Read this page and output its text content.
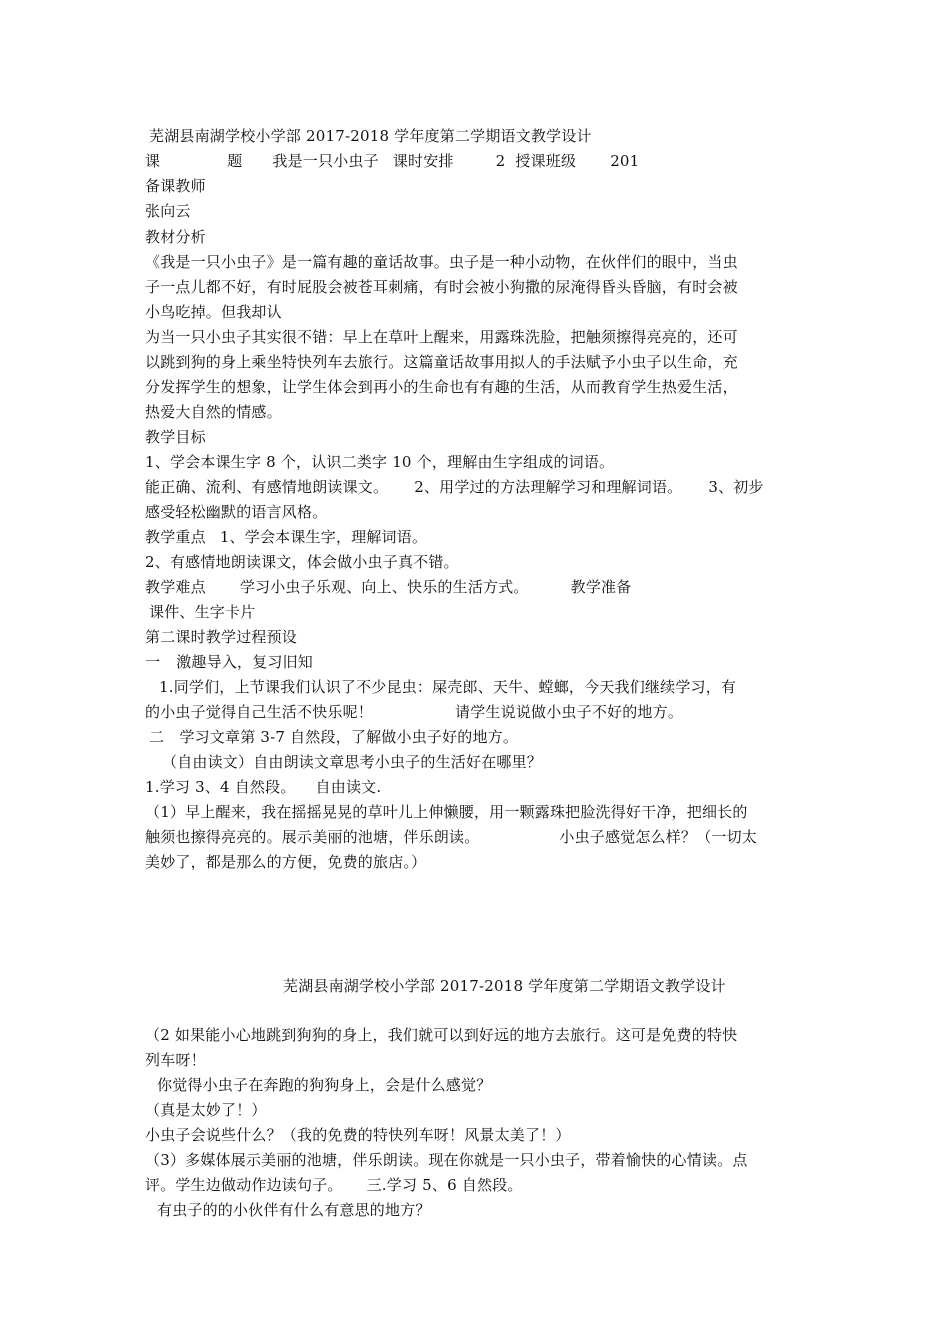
芜湖县南湖学校小学部 2017-2018 学年度第二学期语文教学设计
课	题 我是一只小虫子 课时安排	2 授课班级 201
备课教师
张向云
教材分析
《我是一只小虫子》是一篇有趣的童话故事。虫子是一种小动物，在伙伴们的眼中，当虫
子一点儿都不好，有时屁股会被苍耳刺痛，有时会被小狗撒的尿淹得昏头昏脑，有时会被
小鸟吃掉。但我却认
为当一只小虫子其实很不错：早上在草叶上醒来，用露珠洗脸，把触须擦得亮亮的，还可
以跳到狗的身上乘坐特快列车去旅行。这篇童话故事用拟人的手法赋予小虫子以生命，充
分发挥学生的想象，让学生体会到再小的生命也有有趣的生活，从而教育学生热爱生活，
热爱大自然的情感。
教学目标
1、学会本课生字 8 个，认识二类字 10 个，理解由生字组成的词语。
能正确、流利、有感情地朗读课文。 2、用学过的方法理解学习和理解词语。 3、初步
感受轻松幽默的语言风格。
教学重点 1、学会本课生字，理解词语。
2、有感情地朗读课文，体会做小虫子真不错。
教学难点 学习小虫子乐观、向上、快乐的生活方式。	教学准备
课件、生字卡片
第二课时教学过程预设
一 激趣导入，复习旧知
1.同学们，上节课我们认识了不少昆虫：屎壳郎、天牛、螳螂，今天我们继续学习，有
的小虫子觉得自己生活不快乐呢！	请学生说说做小虫子不好的地方。
二　学习文章第 3-7 自然段，了解做小虫子好的地方。
（自由读文）自由朗读文章思考小虫子的生活好在哪里？
1.学习 3、4 自然段。 自由读文.
（1）早上醒来，我在摇摇晃晃的草叶儿上伸懒腰，用一颗露珠把脸洗得好干净，把细长的
触须也擦得亮亮的。展示美丽的池塘，伴乐朗读。	小虫子感觉怎么样？（一切太
美妙了，都是那么的方便，免费的旅店。）
芜湖县南湖学校小学部 2017-2018 学年度第二学期语文教学设计
（2 如果能小心地跳到狗狗的身上，我们就可以到好远的地方去旅行。这可是免费的特快
列车呀！
你觉得小虫子在奔跑的狗狗身上，会是什么感觉？
（真是太妙了！）
小虫子会说些什么？（我的免费的特快列车呀！风景太美了！）
（3）多媒体展示美丽的池塘，伴乐朗读。现在你就是一只小虫子，带着愉快的心情读。点
评。学生边做动作边读句子。 三.学习 5、6 自然段。
有虫子的的小伙伴有什么有意思的地方？
